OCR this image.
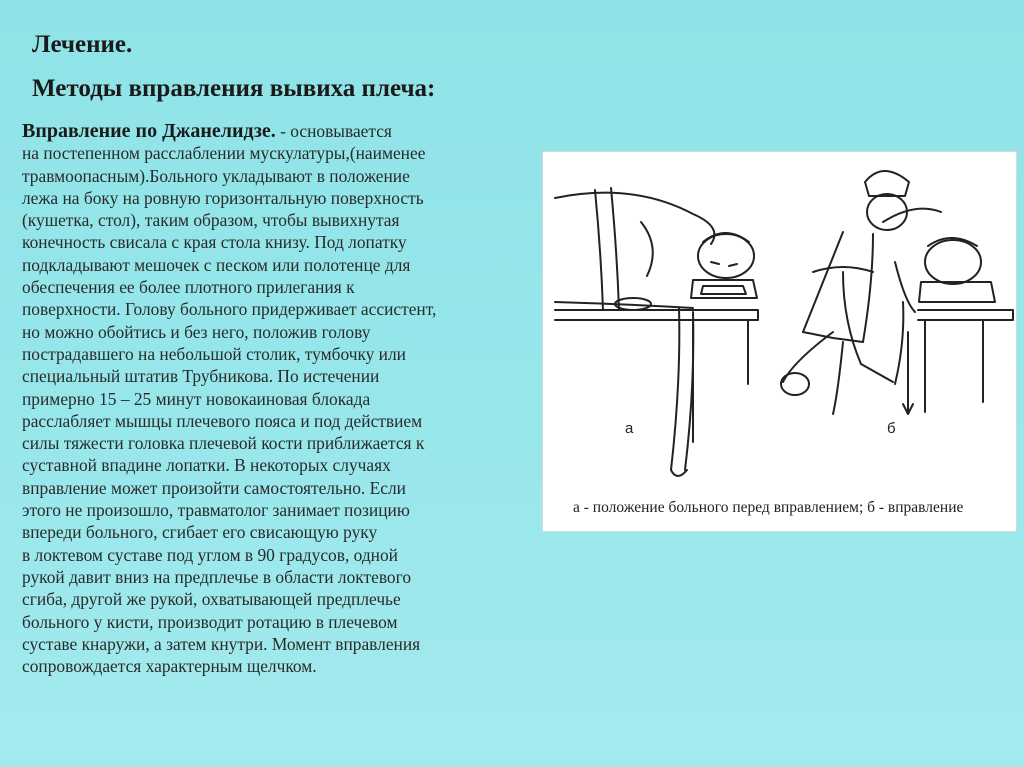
Лечение.
Методы вправления вывиха плеча:
Вправление по Джанелидзе. - основывается
на постепенном расслаблении мускулатуры,(наименее
травмоопасным).Больного укладывают в положение
лежа на боку на ровную горизонтальную поверхность
(кушетка, стол), таким образом, чтобы вывихнутая
конечность свисала с края стола книзу. Под лопатку
подкладывают мешочек с песком или полотенце для
обеспечения ее более плотного прилегания к
поверхности. Голову больного придерживает ассистент,
но можно обойтись и без него, положив голову
пострадавшего на небольшой столик, тумбочку или
специальный штатив Трубникова. По истечении
примерно 15 – 25 минут новокаиновая блокада
расслабляет мышцы плечевого пояса и под действием
силы тяжести головка плечевой кости приближается к
суставной впадине лопатки. В некоторых случаях
вправление может произойти самостоятельно. Если
этого не произошло, травматолог занимает позицию
впереди больного, сгибает его свисающую руку
в локтевом суставе под углом в 90 градусов, одной
рукой давит вниз на предплечье в области локтевого
сгиба, другой же рукой, охватывающей предплечье
больного у кисти, производит ротацию в плечевом
суставе кнаружи, а затем кнутри. Момент вправления
сопровождается характерным щелчком.
а	б
а - положение больного перед вправлением; б - вправление
